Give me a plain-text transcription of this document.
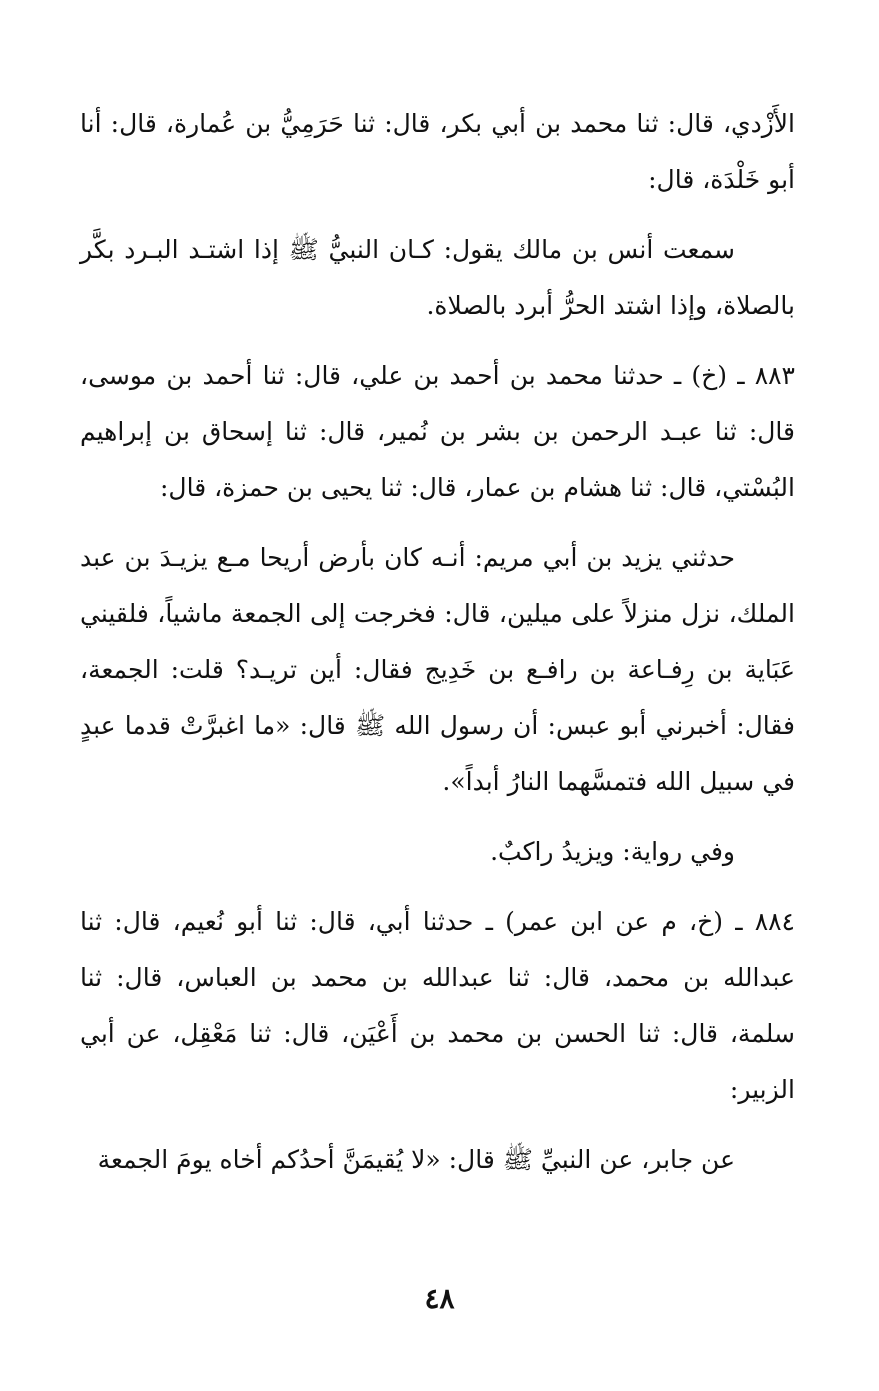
الأَزْدي، قال: ثنا محمد بن أبي بكر، قال: ثنا حَرَمِيُّ بن عُمارة، قال: أنا أبو خَلْدَة، قال:

سمعت أنس بن مالك يقول: كـان النبيُّ ﷺ إذا اشتـد البـرد بكَّر بالصلاة، وإذا اشتد الحرُّ أبرد بالصلاة.

٨٨٣ ـ (خ) ـ حدثنا محمد بن أحمد بن علي، قال: ثنا أحمد بن موسى، قال: ثنا عبـد الرحمن بن بشر بن نُمير، قال: ثنا إسحاق بن إبراهيم البُسْتي، قال: ثنا هشام بن عمار، قال: ثنا يحيى بن حمزة، قال:

حدثني يزيد بن أبي مريم: أنـه كان بأرض أريحا مـع يزيـدَ بن عبد الملك، نزل منزلاً على ميلين، قال: فخرجت إلى الجمعة ماشياً، فلقيني عَبَاية بن رِفـاعة بن رافـع بن خَدِيج فقال: أين تريـد؟ قلت: الجمعة، فقال: أخبرني أبو عبس: أن رسول الله ﷺ قال: «ما اغبرَّتْ قدما عبدٍ في سبيل الله فتمسَّهما النارُ أبداً».

وفي رواية: ويزيدُ راكبٌ.

٨٨٤ ـ (خ، م عن ابن عمر) ـ حدثنا أبي، قال: ثنا أبو نُعيم، قال: ثنا عبدالله بن محمد، قال: ثنا عبدالله بن محمد بن العباس، قال: ثنا سلمة، قال: ثنا الحسن بن محمد بن أَعْيَن، قال: ثنا مَعْقِل، عن أبي الزبير:

عن جابر، عن النبيِّ ﷺ قال: «لا يُقيمَنَّ أحدُكم أخاه يومَ الجمعة

٤٨
